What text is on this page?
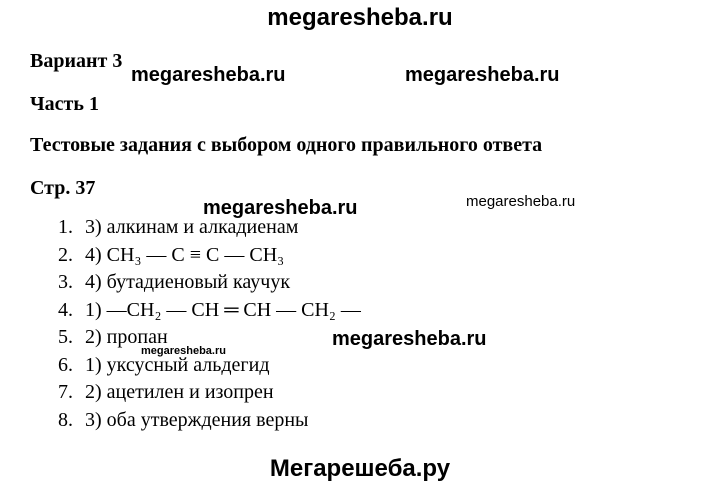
megaresheba.ru
Вариант 3
Часть 1
Тестовые задания с выбором одного правильного ответа
Стр. 37
1. 3) алкинам и алкадиенам
2. 4) CH₃ — C ≡ C — CH₃
3. 4) бутадиеновый каучук
4. 1) —CH₂ — CH ═ CH — CH₂ —
5. 2) пропан
6. 1) уксусный альдегид
7. 2) ацетилен и изопрен
8. 3) оба утверждения верны
megaresheba.ru	megaresheba.ru
megaresheba.ru	megaresheba.ru
megaresheba.ru
megaresheba.ru
Мегарешеба.ру
